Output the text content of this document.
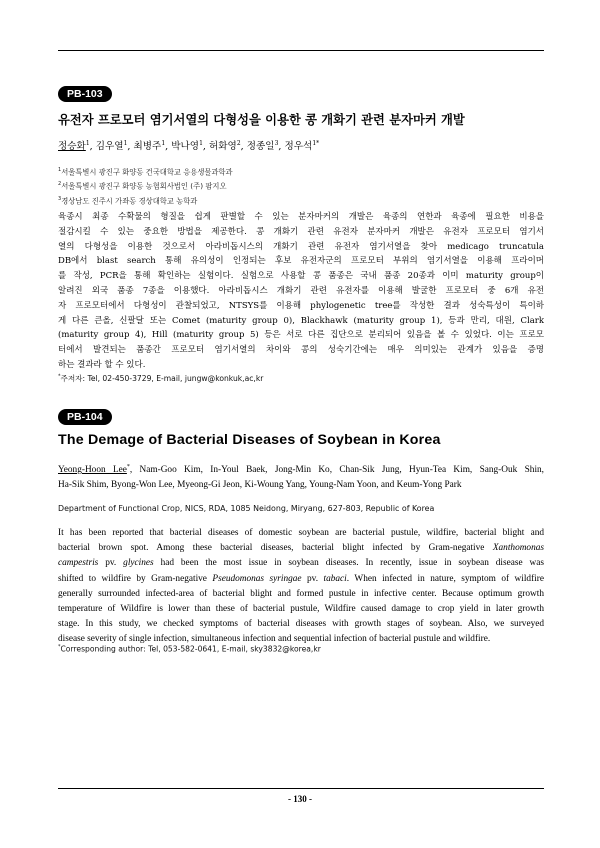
PB-103
유전자 프로모터 염기서열의 다형성을 이용한 콩 개화기 관련 분자마커 개발
정승화$^1$, 김우열$^1$, 최병주$^1$, 박나영$^1$, 허화영$^2$, 정종일$^3$, 정우석$^{1*}$
$^1$서울특별시 광진구 화양동 건국대학교 응용생물과학과
$^2$서울특별시 광진구 화양동 농협회사법인 (주) 팜지오
$^3$경상남도 진주시 가좌동 경상대학교 농학과
육종시 최종 수확물의 형질을 쉽게 판별할 수 있는 분자마커의 개발은 육종의 연한과 육종에 필요한 비용을
절감시킬 수 있는 중요한 방법을 제공한다. 콩 개화기 관련 유전자 분자마커 개발은 유전자 프로모터 염기서
열의 다형성을 이용한 것으로서 아라비돕시스의 개화기 관련 유전자 염기서열을 찾아 medicago truncatula
DB에서 blast search 통해 유의성이 인정되는 후보 유전자군의 프로모터 부위의 염기서열을 이용해 프라이머
를 작성, PCR을 통해 확인하는 실험이다. 실험으로 사용할 콩 품종은 국내 품종 20종과 이미 maturity group이
알려진 외국 품종 7종을 이용했다. 아라비돕시스 개화기 관련 유전자를 이용해 발굴한 프로모터 중 6개 유전
자 프로모터에서 다형성이 관찰되었고, NTSYS를 이용해 phylogenetic tree를 작성한 결과 성숙특성이 특이하
게 다른 큰올, 신팔달 또는 Comet (maturity group 0), Blackhawk (maturity group 1), 등과 만리, 대원, Clark
(maturity group 4), Hill (maturity group 5) 등은 서로 다른 집단으로 분리되어 있음을 볼 수 있었다. 이는 프로모
터에서 발견되는 품종간 프로모터 염기서열의 차이와 콩의 성숙기간에는 매우 의미있는 관계가 있음을 증명
하는 결과라 할 수 있다.
*주저자: Tel, 02-450-3729, E-mail, jungw@konkuk,ac,kr
PB-104
The Demage of Bacterial Diseases of Soybean in Korea
Yeong-Hoon Lee*, Nam-Goo Kim, In-Youl Baek, Jong-Min Ko, Chan-Sik Jung, Hyun-Tea Kim, Sang-Ouk Shin,
Ha-Sik Shim, Byong-Won Lee, Myeong-Gi Jeon, Ki-Woung Yang, Young-Nam Yoon, and Keum-Yong Park
Department of Functional Crop, NICS, RDA, 1085 Neidong, Miryang, 627-803, Republic of Korea
It has been reported that bacterial diseases of domestic soybean are bacterial pustule, wildfire, bacterial blight and
bacterial brown spot. Among these bacterial diseases, bacterial blight infected by Gram-negative Xanthomonas
campestris pv. glycines had been the most issue in soybean diseases. In recently, issue in soybean disease was
shifted to wildfire by Gram-negative Pseudomonas syringae pv. tabaci. When infected in nature, symptom of wildfire
generally surrounded infected-area of bacterial blight and formed pustule in infective center. Because optimum growth
temperature of Wildfire is lower than these of bacterial pustule, Wildfire caused damage to crop yield in later growth
stage. In this study, we checked symptoms of bacterial diseases with growth stages of soybean. Also, we surveyed
disease severity of single infection, simultaneous infection and sequential infection of bacterial pustule and wildfire.
*Corresponding author: Tel, 053-582-0641, E-mail, sky3832@korea,kr
- 130 -
